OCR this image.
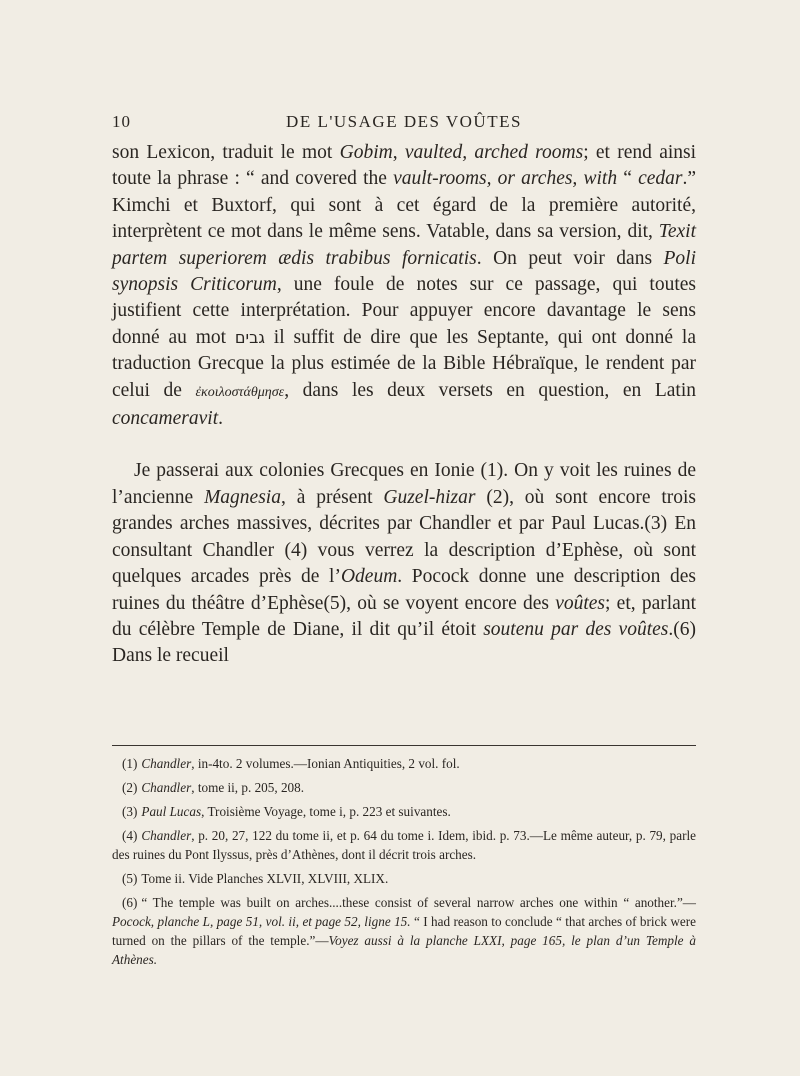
10	DE L'USAGE DES VOÛTES

son Lexicon, traduit le mot Gobim, vaulted, arched rooms; et rend ainsi toute la phrase : “ and covered the vault-rooms, or arches, with “ cedar.” Kimchi et Buxtorf, qui sont à cet égard de la première autorité, interprètent ce mot dans le même sens. Vatable, dans sa version, dit, Texit partem superiorem ædis trabibus fornicatis. On peut voir dans Poli synopsis Criticorum, une foule de notes sur ce passage, qui toutes justifient cette interprétation. Pour appuyer encore davantage le sens donné au mot גבים il suffit de dire que les Septante, qui ont donné la traduction Grecque la plus estimée de la Bible Hébraïque, le rendent par celui de ἐκοιλοστάθμησε, dans les deux versets en question, en Latin concameravit.

Je passerai aux colonies Grecques en Ionie (1). On y voit les ruines de l’ancienne Magnesia, à présent Guzel-hizar (2), où sont encore trois grandes arches massives, décrites par Chandler et par Paul Lucas.(3) En consultant Chandler (4) vous verrez la description d’Ephèse, où sont quelques arcades près de l’Odeum. Pocock donne une description des ruines du théâtre d’Ephèse(5), où se voyent encore des voûtes; et, parlant du célèbre Temple de Diane, il dit qu’il étoit soutenu par des voûtes.(6) Dans le recueil

(1) Chandler, in-4to. 2 volumes.—Ionian Antiquities, 2 vol. fol.

(2) Chandler, tome ii, p. 205, 208.

(3) Paul Lucas, Troisième Voyage, tome i, p. 223 et suivantes.

(4) Chandler, p. 20, 27, 122 du tome ii, et p. 64 du tome i. Idem, ibid. p. 73.—Le même auteur, p. 79, parle des ruines du Pont Ilyssus, près d’Athènes, dont il décrit trois arches.

(5) Tome ii. Vide Planches XLVII, XLVIII, XLIX.

(6) “ The temple was built on arches....these consist of several narrow arches one within “ another.”—Pocock, planche L, page 51, vol. ii, et page 52, ligne 15. “ I had reason to conclude “ that arches of brick were turned on the pillars of the temple.”—Voyez aussi à la planche LXXI, page 165, le plan d’un Temple à Athènes.
